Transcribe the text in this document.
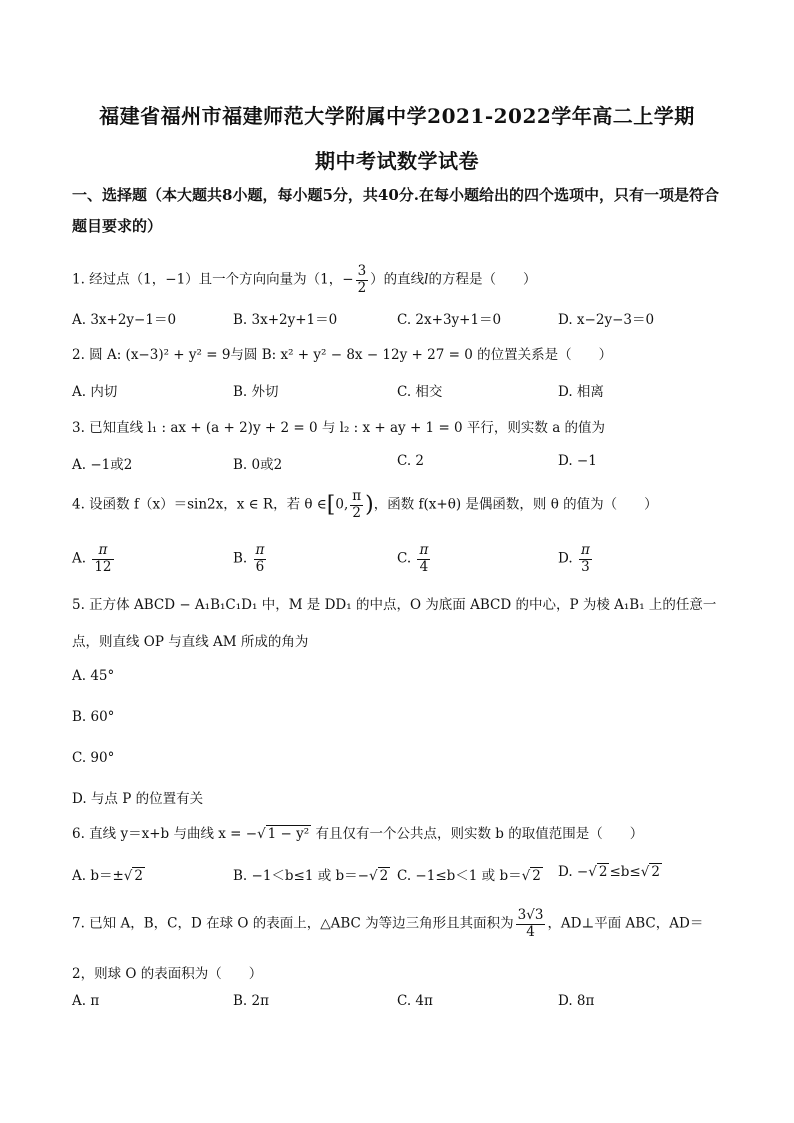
福建省福州市福建师范大学附属中学2021-2022学年高二上学期
期中考试数学试卷
一、选择题（本大题共8小题，每小题5分，共40分.在每小题给出的四个选项中，只有一项是符合题目要求的）
1. 经过点（1，−1）且一个方向向量为（1，− $\frac{3}{2}$ ）的直线l的方程是（　　）
A. 3x+2y−1＝0	B. 3x+2y+1＝0	C. 2x+3y+1＝0	D. x−2y−3＝0
2. 圆 A: (x−3)² + y² = 9与圆 B: x² + y² − 8x − 12y + 27 = 0 的位置关系是（　　）
A. 内切	B. 外切	C. 相交	D. 相离
3. 已知直线 l₁ : ax + (a + 2)y + 2 = 0 与 l₂ : x + ay + 1 = 0 平行，则实数 a 的值为
A. −1或2	B. 0或2	C. 2	D. −1
4. 设函数 f（x）＝sin2x，x ∈ R，若 θ ∈[0, $\frac{\pi}{2}$ )，函数 f(x+θ) 是偶函数，则 θ 的值为（　　）
A. $\frac{\pi}{12}$	B. $\frac{\pi}{6}$	C. $\frac{\pi}{4}$	D. $\frac{\pi}{3}$
5. 正方体 ABCD − A₁B₁C₁D₁ 中，M 是 DD₁ 的中点，O 为底面 ABCD 的中心，P 为棱 A₁B₁ 上的任意一
点，则直线 OP 与直线 AM 所成的角为
A. 45°
B. 60°
C. 90°
D. 与点 P 的位置有关
6. 直线 y＝x+b 与曲线 x = −√ 1 − y² 有且仅有一个公共点，则实数 b 的取值范围是（　　）
A. b＝±√ 2	B. −1＜b≤1 或 b＝−√ 2 C. −1≤b＜1 或 b＝√ 2 D. −√ 2 ≤b≤√ 2
7. 已知 A，B，C，D 在球 O 的表面上，△ABC 为等边三角形且其面积为 $\frac{3√3}{4}$ ，AD⊥平面 ABC，AD＝
2，则球 O 的表面积为（　　）
A. π	B. 2π	C. 4π	D. 8π
